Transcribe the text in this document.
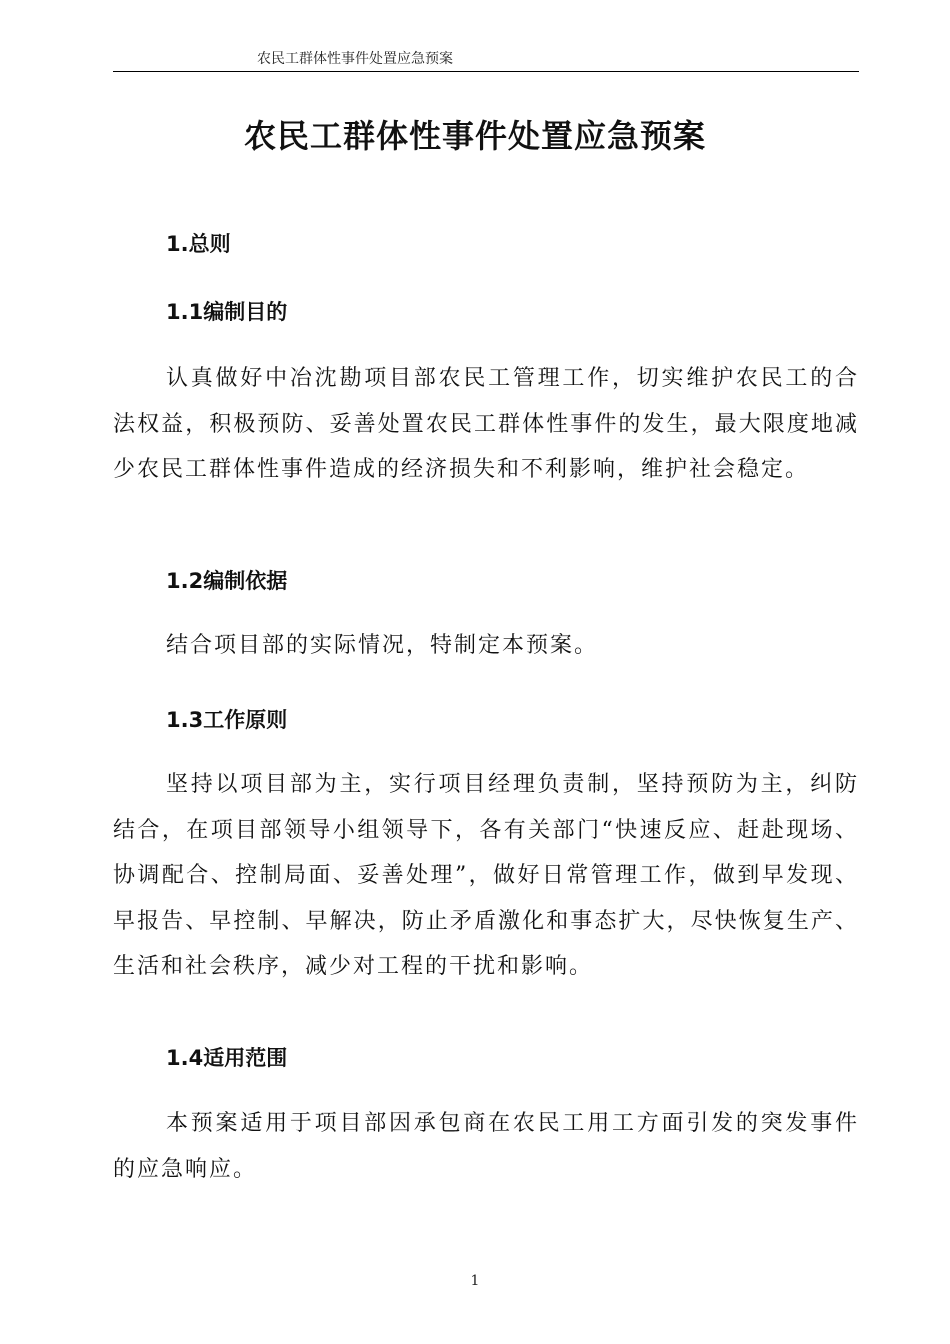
农民工群体性事件处置应急预案
农民工群体性事件处置应急预案
1.总则
1.1编制目的

认真做好中冶沈勘项目部农民工管理工作，切实维护农民工的合法权益，积极预防、妥善处置农民工群体性事件的发生，最大限度地减少农民工群体性事件造成的经济损失和不利影响，维护社会稳定。

1.2编制依据

结合项目部的实际情况，特制定本预案。

1.3工作原则

坚持以项目部为主，实行项目经理负责制，坚持预防为主，纠防结合，在项目部领导小组领导下，各有关部门“快速反应、赶赴现场、协调配合、控制局面、妥善处理”，做好日常管理工作，做到早发现、早报告、早控制、早解决，防止矛盾激化和事态扩大，尽快恢复生产、生活和社会秩序，减少对工程的干扰和影响。

1.4适用范围

本预案适用于项目部因承包商在农民工用工方面引发的突发事件的应急响应。

1
